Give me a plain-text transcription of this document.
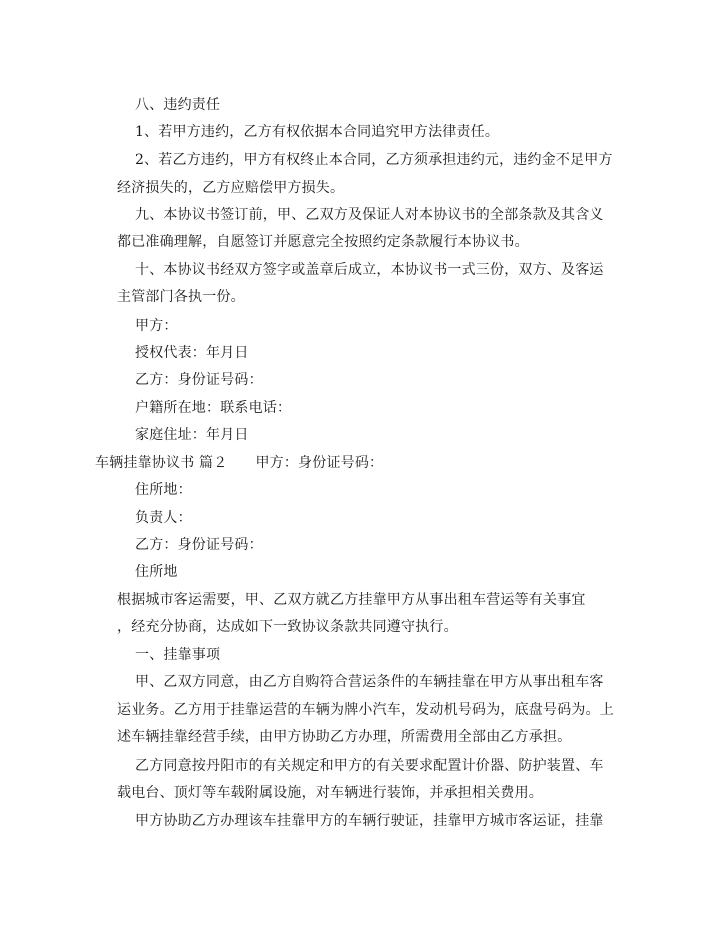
八、违约责任
1、若甲方违约，乙方有权依据本合同追究甲方法律责任。
2、若乙方违约，甲方有权终止本合同，乙方须承担违约元，违约金不足甲方
经济损失的，乙方应赔偿甲方损失。
九、本协议书签订前，甲、乙双方及保证人对本协议书的全部条款及其含义
都已准确理解，自愿签订并愿意完全按照约定条款履行本协议书。
十、本协议书经双方签字或盖章后成立，本协议书一式三份，双方、及客运
主管部门各执一份。
甲方：
授权代表：年月日
乙方：身份证号码：
户籍所在地：联系电话：
家庭住址：年月日
车辆挂靠协议书 篇２ 甲方：身份证号码：
住所地：
负责人：
乙方：身份证号码：
住所地
根据城市客运需要，甲、乙双方就乙方挂靠甲方从事出租车营运等有关事宜
，经充分协商，达成如下一致协议条款共同遵守执行。
一、挂靠事项
甲、乙双方同意，由乙方自购符合营运条件的车辆挂靠在甲方从事出租车客
运业务。乙方用于挂靠运营的车辆为牌小汽车，发动机号码为，底盘号码为。上
述车辆挂靠经营手续，由甲方协助乙方办理，所需费用全部由乙方承担。
乙方同意按丹阳市的有关规定和甲方的有关要求配置计价器、防护装置、车
载电台、顶灯等车载附属设施，对车辆进行装饰，并承担相关费用。
甲方协助乙方办理该车挂靠甲方的车辆行驶证，挂靠甲方城市客运证，挂靠
